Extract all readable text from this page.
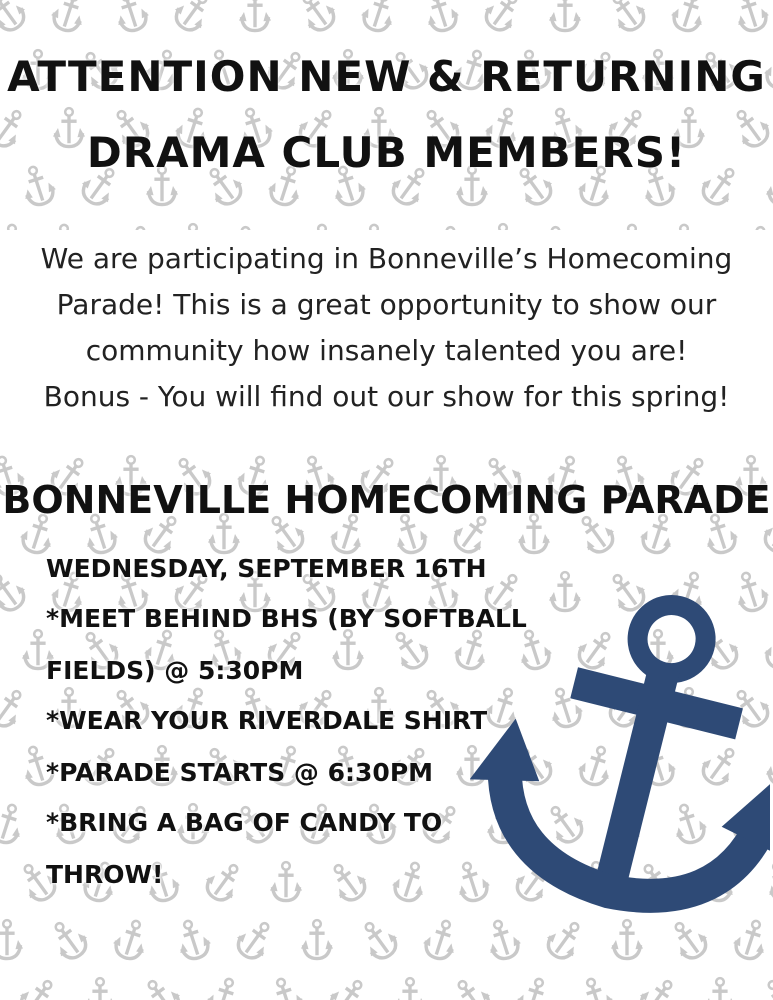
ATTENTION NEW & RETURNING
DRAMA CLUB MEMBERS!
We are participating in Bonneville’s Homecoming
Parade! This is a great opportunity to show our
community how insanely talented you are!
Bonus - You will find out our show for this spring!
BONNEVILLE HOMECOMING PARADE
WEDNESDAY, SEPTEMBER 16TH
*MEET BEHIND BHS (BY SOFTBALL
FIELDS) @ 5:30PM
*WEAR YOUR RIVERDALE SHIRT
*PARADE STARTS @ 6:30PM
*BRING A BAG OF CANDY TO
THROW!
